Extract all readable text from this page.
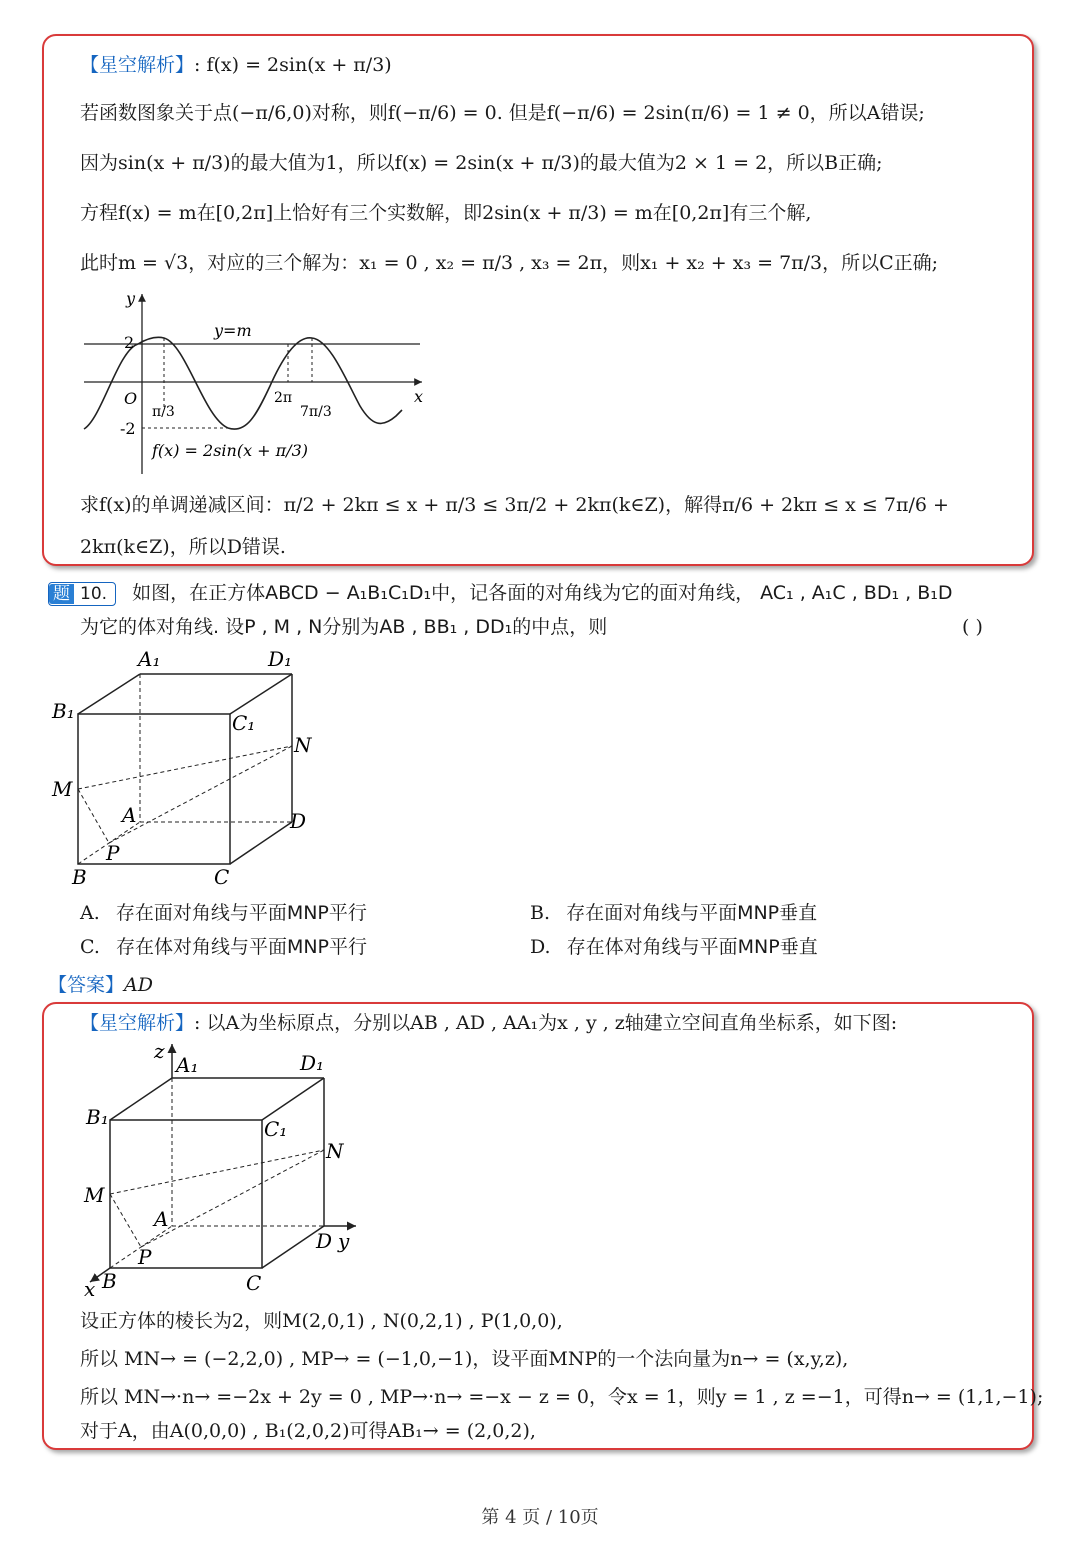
【星空解析】: f(x) = 2sin(x + π/3)
若函数图象关于点(−π/6,0)对称，则f(−π/6) = 0. 但是f(−π/6) = 2sin(π/6) = 1 ≠ 0，所以A错误;
因为sin(x + π/3)的最大值为1，所以f(x) = 2sin(x + π/3)的最大值为2 × 1 = 2，所以B正确;
方程f(x) = m在[0,2π]上恰好有三个实数解，即2sin(x + π/3) = m在[0,2π]有三个解,
此时m = √3，对应的三个解为：x₁ = 0 , x₂ = π/3 , x₃ = 2π，则x₁ + x₂ + x₃ = 7π/3，所以C正确;
y
x
O
2
-2
y=m
π/3
2π
7π/3
f(x) = 2sin(x + π/3)
求f(x)的单调递减区间：π/2 + 2kπ ≤ x + π/3 ≤ 3π/2 + 2kπ(k∈Z)，解得π/6 + 2kπ ≤ x ≤ 7π/6 +
2kπ(k∈Z)，所以D错误.
题 10. 如图，在正方体ABCD − A₁B₁C₁D₁中，记各面的对角线为它的面对角线， AC₁ , A₁C , BD₁ , B₁D
为它的体对角线. 设P , M , N分别为AB , BB₁ , DD₁的中点，则	( )
A₁	D₁
B₁	C₁
N
M
A	D
P
B	C
A. 存在面对角线与平面MNP平行	B. 存在面对角线与平面MNP垂直
C. 存在体对角线与平面MNP平行	D. 存在体对角线与平面MNP垂直
【答案】AD
【星空解析】: 以A为坐标原点，分别以AB , AD , AA₁为x , y , z轴建立空间直角坐标系，如下图:
z
A₁	D₁
B₁	C₁
N
M
A
D y
P
x B	C
设正方体的棱长为2，则M(2,0,1) , N(0,2,1) , P(1,0,0),
所以 MN→ = (−2,2,0) , MP→ = (−1,0,−1)，设平面MNP的一个法向量为n→ = (x,y,z),
所以 MN→·n→ =−2x + 2y = 0 , MP→·n→ =−x − z = 0，令x = 1，则y = 1 , z =−1，可得n→ = (1,1,−1);
对于A，由A(0,0,0) , B₁(2,0,2)可得AB₁→ = (2,0,2),
第 4 页 / 10页
